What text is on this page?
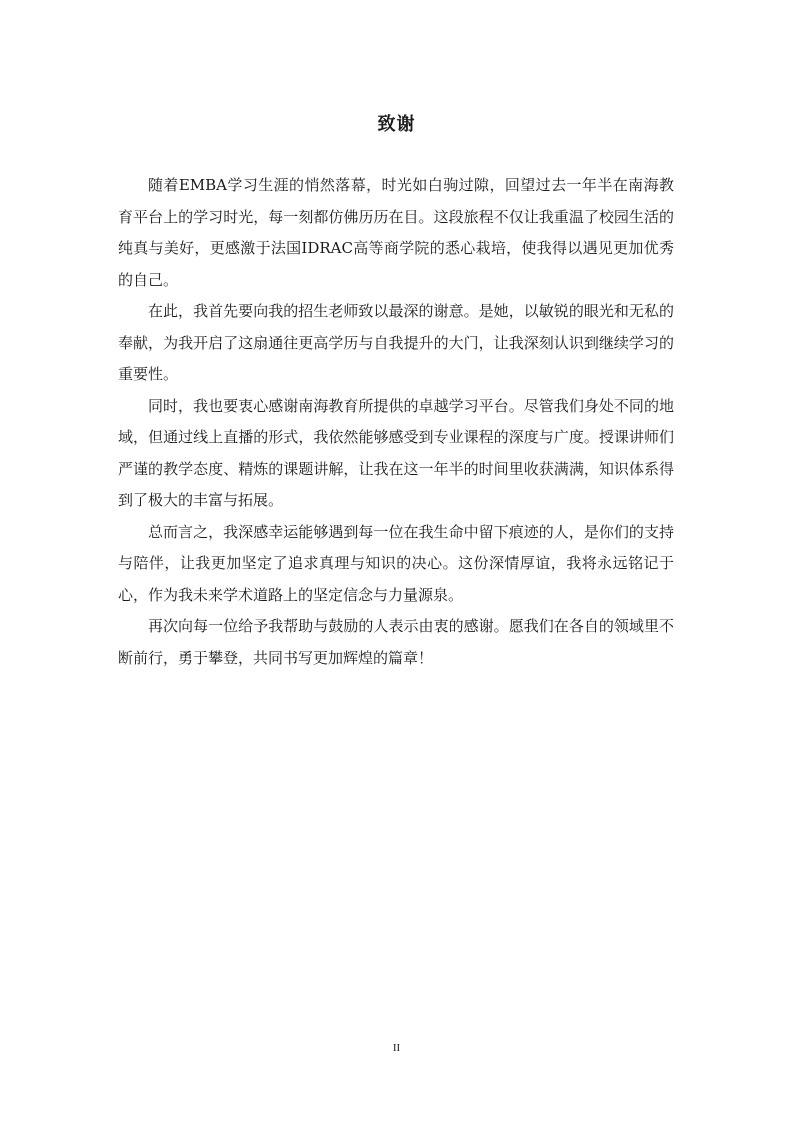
致谢

随着EMBA学习生涯的悄然落幕，时光如白驹过隙，回望过去一年半在南海教育平台上的学习时光，每一刻都仿佛历历在目。这段旅程不仅让我重温了校园生活的纯真与美好，更感激于法国IDRAC高等商学院的悉心栽培，使我得以遇见更加优秀的自己。

在此，我首先要向我的招生老师致以最深的谢意。是她，以敏锐的眼光和无私的奉献，为我开启了这扇通往更高学历与自我提升的大门，让我深刻认识到继续学习的重要性。

同时，我也要衷心感谢南海教育所提供的卓越学习平台。尽管我们身处不同的地域，但通过线上直播的形式，我依然能够感受到专业课程的深度与广度。授课讲师们严谨的教学态度、精炼的课题讲解，让我在这一年半的时间里收获满满，知识体系得到了极大的丰富与拓展。

总而言之，我深感幸运能够遇到每一位在我生命中留下痕迹的人，是你们的支持与陪伴，让我更加坚定了追求真理与知识的决心。这份深情厚谊，我将永远铭记于心，作为我未来学术道路上的坚定信念与力量源泉。

再次向每一位给予我帮助与鼓励的人表示由衷的感谢。愿我们在各自的领域里不断前行，勇于攀登，共同书写更加辉煌的篇章！

II
